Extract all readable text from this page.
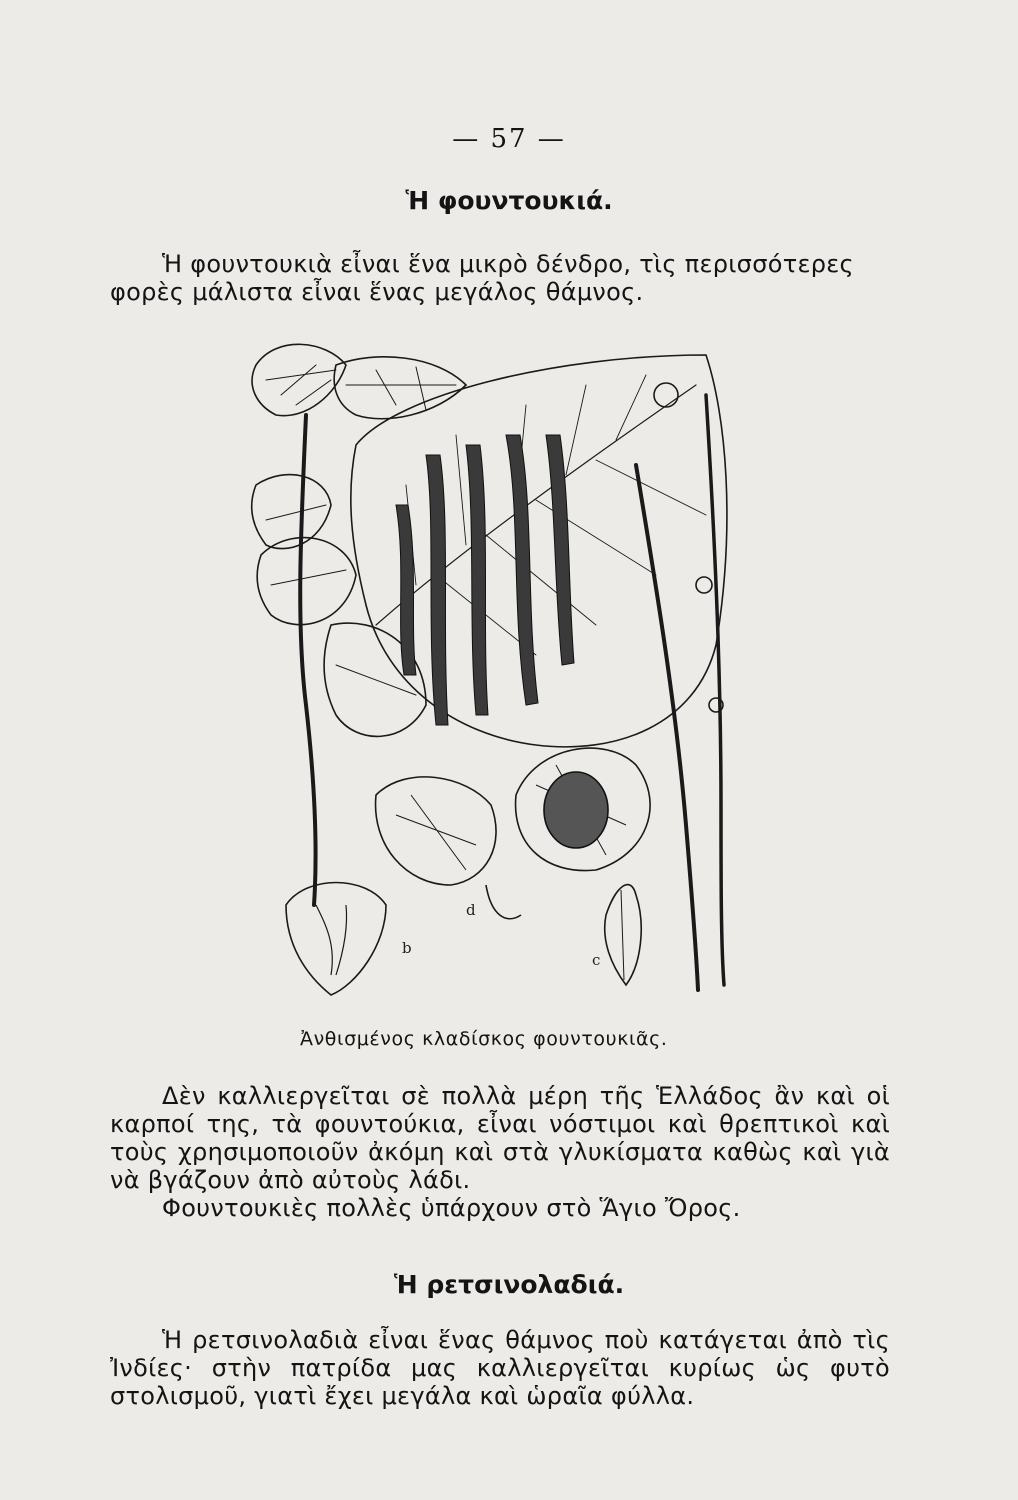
— 57 —
Ἡ φουντουκιά.

Ἡ φουντουκιὰ εἶναι ἕνα μικρὸ δένδρο, τὶς περισσότερες φορὲς μάλιστα εἶναι ἕνας μεγάλος θάμνος.

b
c
d
Ἀνθισμένος κλαδίσκος φουντουκιᾶς.

Δὲν καλλιεργεῖται σὲ πολλὰ μέρη τῆς Ἑλλάδος ἂν καὶ οἱ καρποί της, τὰ φουντούκια, εἶναι νόστιμοι καὶ θρεπτικοὶ καὶ τοὺς χρησιμοποιοῦν ἀκόμη καὶ στὰ γλυκίσματα καθὼς καὶ γιὰ νὰ βγάζουν ἀπὸ αὐτοὺς λάδι.

Φουντουκιὲς πολλὲς ὑπάρχουν στὸ Ἅγιο Ὄρος.

Ἡ ρετσινολαδιά.

Ἡ ρετσινολαδιὰ εἶναι ἕνας θάμνος ποὺ κατάγεται ἀπὸ τὶς Ἰνδίες· στὴν πατρίδα μας καλλιεργεῖται κυρίως ὡς φυτὸ στολισμοῦ, γιατὶ ἔχει μεγάλα καὶ ὡραῖα φύλλα.
